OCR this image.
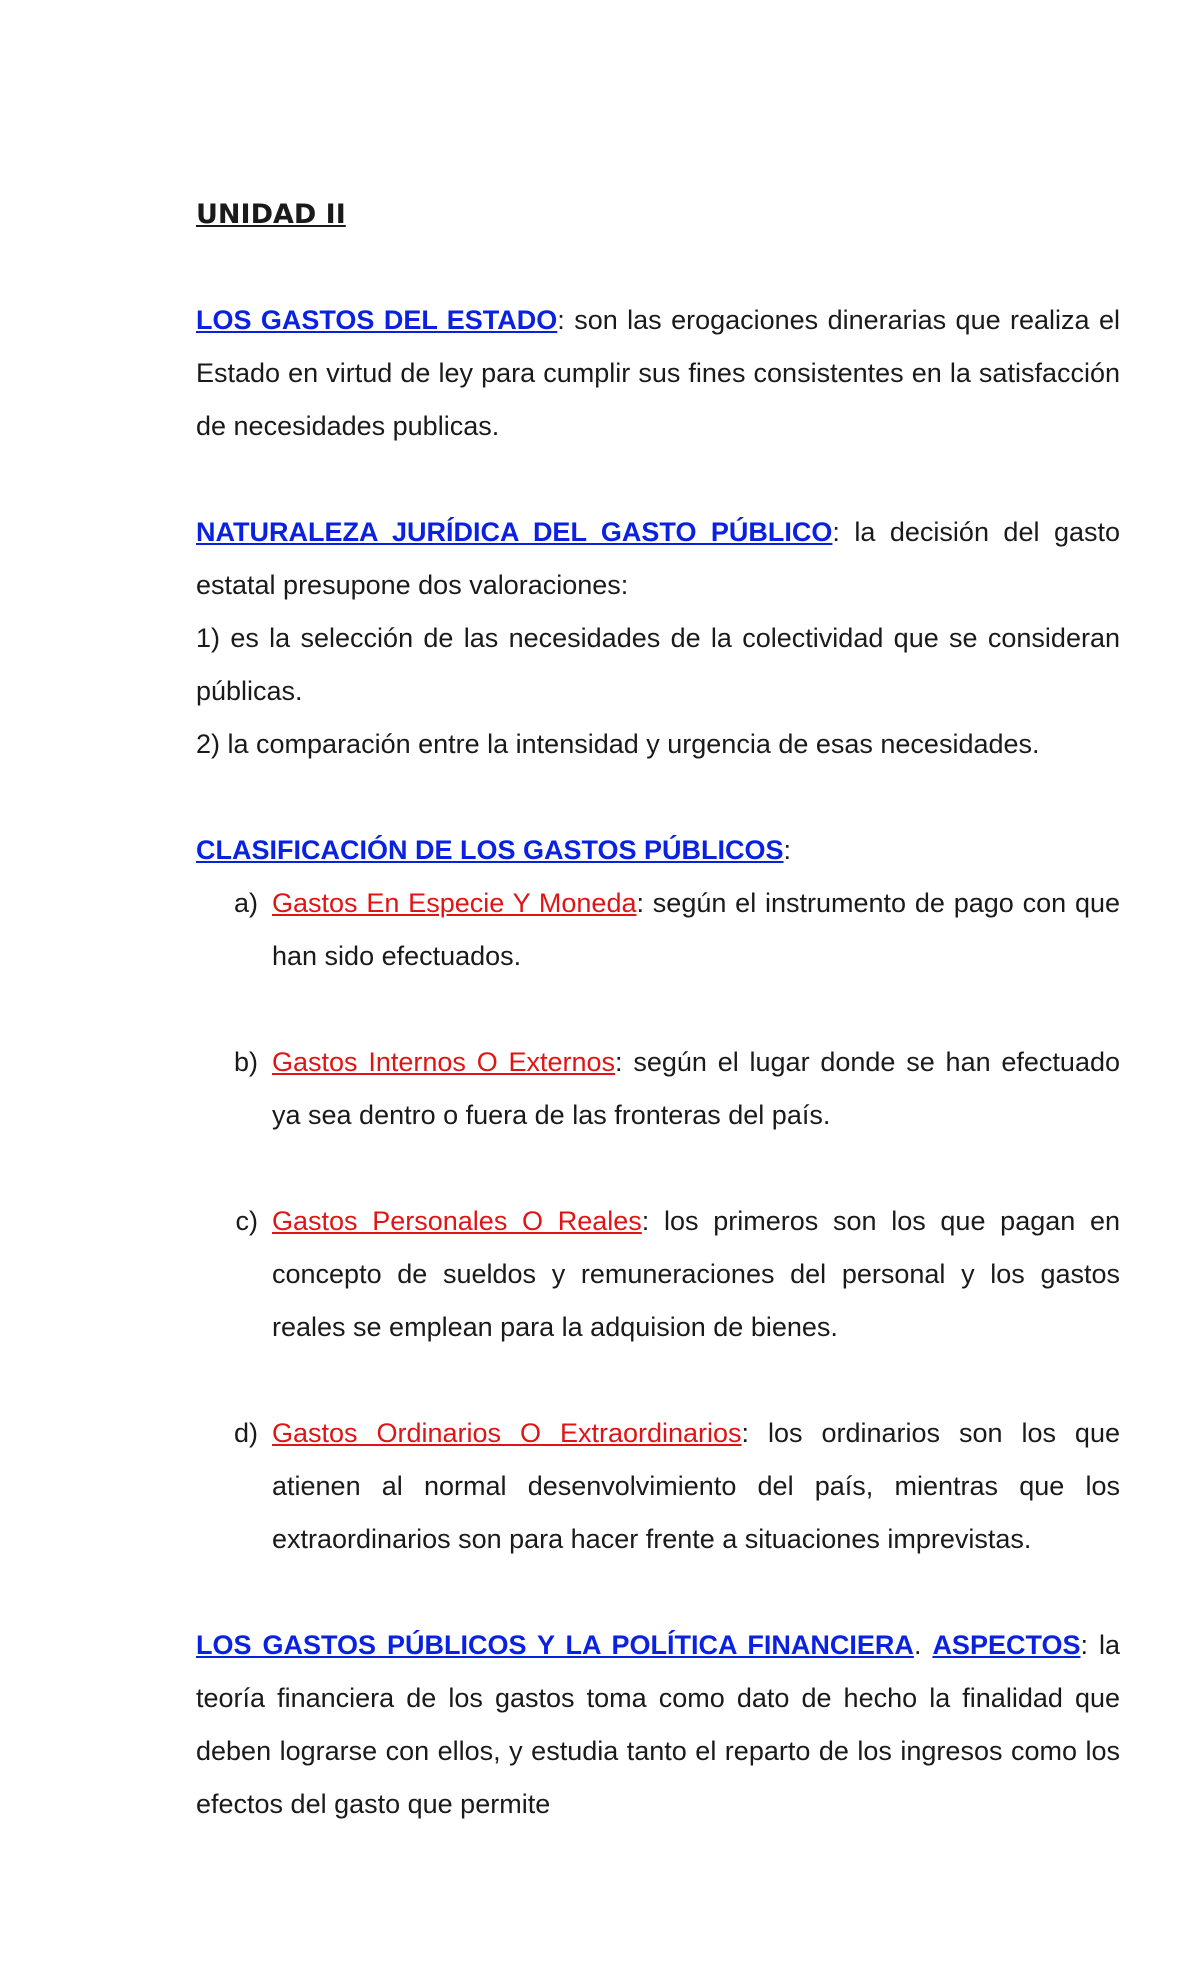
UNIDAD II

LOS GASTOS DEL ESTADO: son las erogaciones dinerarias que realiza el Estado en virtud de ley para cumplir sus fines consistentes en la satisfacción de necesidades publicas.

NATURALEZA JURÍDICA DEL GASTO PÚBLICO: la decisión del gasto estatal presupone dos valoraciones:

1) es la selección de las necesidades de la colectividad que se consideran públicas.

2) la comparación entre la intensidad y urgencia de esas necesidades.

CLASIFICACIÓN DE LOS GASTOS PÚBLICOS:

a) Gastos En Especie Y Moneda: según el instrumento de pago con que han sido efectuados.
b) Gastos Internos O Externos: según el lugar donde se han efectuado ya sea dentro o fuera de las fronteras del país.
c) Gastos Personales O Reales: los primeros son los que pagan en concepto de sueldos y remuneraciones del personal y los gastos reales se emplean para la adquision de bienes.
d) Gastos Ordinarios O Extraordinarios: los ordinarios son los que atienen al normal desenvolvimiento del país, mientras que los extraordinarios son para hacer frente a situaciones imprevistas.

LOS GASTOS PÚBLICOS Y LA POLÍTICA FINANCIERA. ASPECTOS: la teoría financiera de los gastos toma como dato de hecho la finalidad que deben lograrse con ellos, y estudia tanto el reparto de los ingresos como los efectos del gasto que permite
